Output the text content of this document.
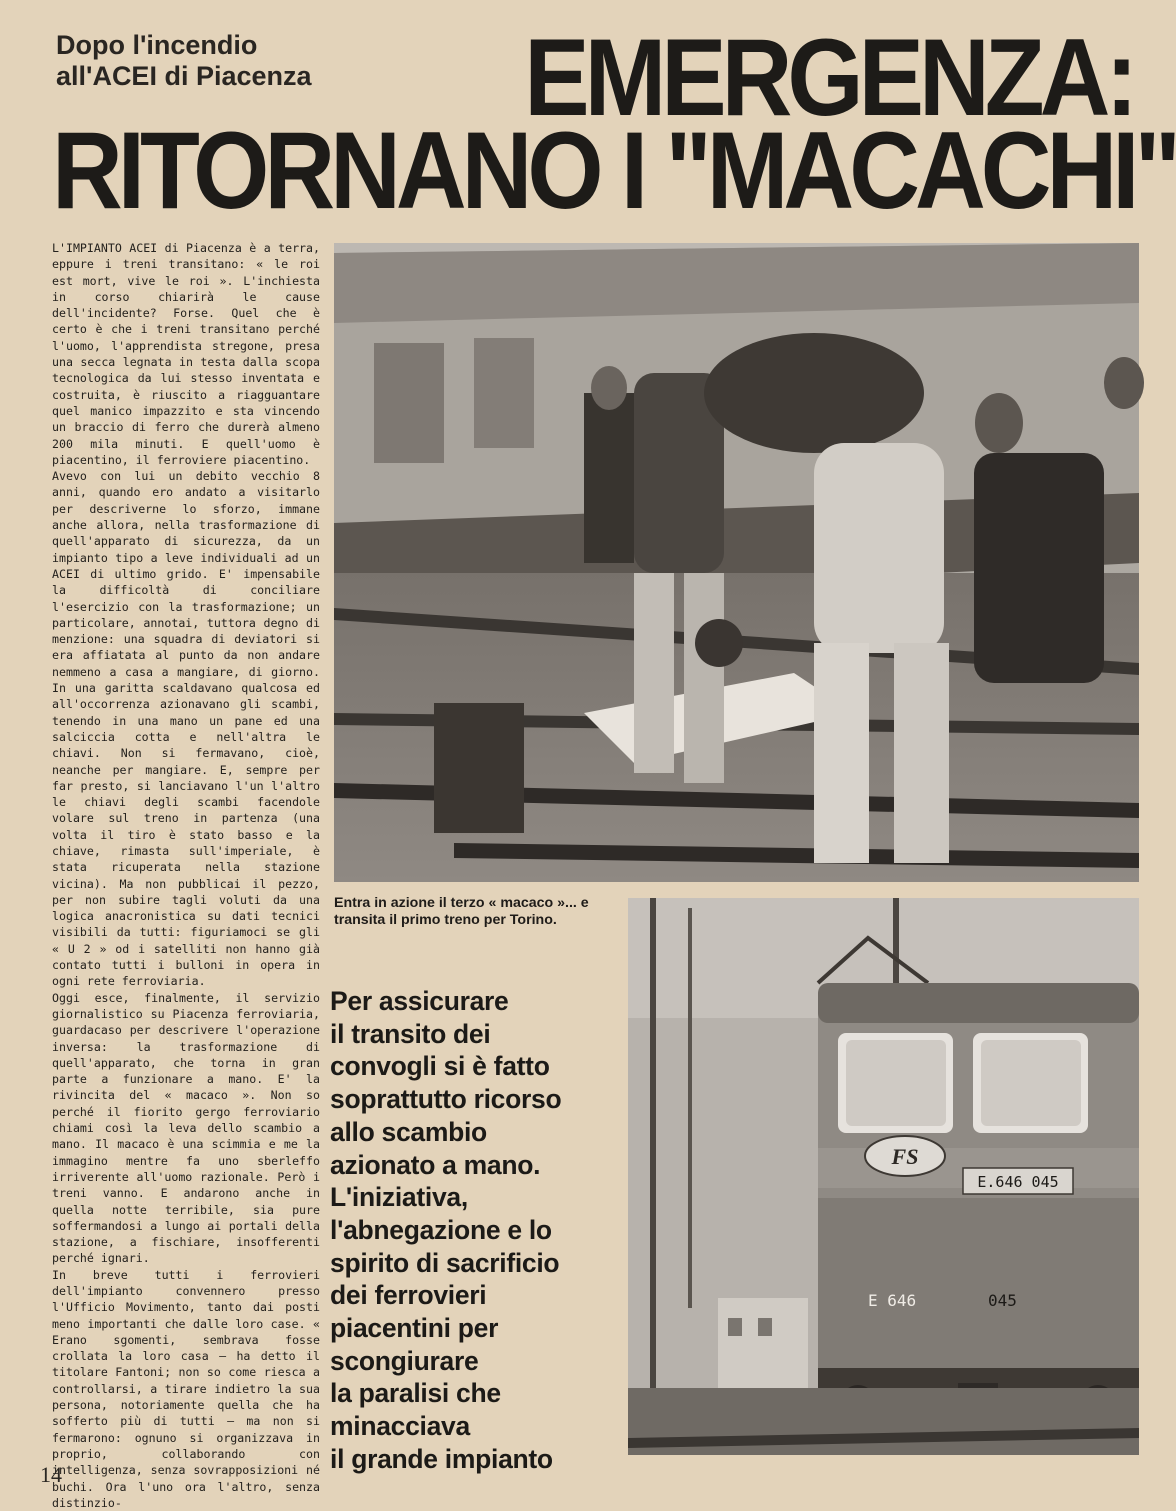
Dopo l'incendio
all'ACEI di Piacenza	EMERGENZA:
RITORNANO I "MACACHI"

L'IMPIANTO ACEI di Piacenza è a terra, eppure i treni transitano: « le roi est mort, vive le roi ». L'inchiesta in corso chiarirà le cause dell'incidente? Forse. Quel che è certo è che i treni transitano perché l'uomo, l'apprendista stregone, presa una secca legnata in testa dalla scopa tecnologica da lui stesso inventata e costruita, è riuscito a riagguantare quel manico impazzito e sta vincendo un braccio di ferro che durerà almeno 200 mila minuti. E quell'uomo è piacentino, il ferroviere piacentino.

Avevo con lui un debito vecchio 8 anni, quando ero andato a visitarlo per descriverne lo sforzo, immane anche allora, nella trasformazione di quell'apparato di sicurezza, da un impianto tipo a leve individuali ad un ACEI di ultimo grido. E' impensabile la difficoltà di conciliare l'esercizio con la trasformazione; un particolare, annotai, tuttora degno di menzione: una squadra di deviatori si era affiatata al punto da non andare nemmeno a casa a mangiare, di giorno. In una garitta scaldavano qualcosa ed all'occorrenza azionavano gli scambi, tenendo in una mano un pane ed una salciccia cotta e nell'altra le chiavi. Non si fermavano, cioè, neanche per mangiare. E, sempre per far presto, si lanciavano l'un l'altro le chiavi degli scambi facendole volare sul treno in partenza (una volta il tiro è stato basso e la chiave, rimasta sull'imperiale, è stata ricuperata nella stazione vicina). Ma non pubblicai il pezzo, per non subire tagli voluti da una logica anacronistica su dati tecnici visibili da tutti: figuriamoci se gli « U 2 » od i satelliti non hanno già contato tutti i bulloni in opera in ogni rete ferroviaria.

Oggi esce, finalmente, il servizio giornalistico su Piacenza ferroviaria, guardacaso per descrivere l'operazione inversa: la trasformazione di quell'apparato, che torna in gran parte a funzionare a mano. E' la rivincita del « macaco ». Non so perché il fiorito gergo ferroviario chiami così la leva dello scambio a mano. Il macaco è una scimmia e me la immagino mentre fa uno sberleffo irriverente all'uomo razionale. Però i treni vanno. E andarono anche in quella notte terribile, sia pure soffermandosi a lungo ai portali della stazione, a fischiare, insofferenti perché ignari.

In breve tutti i ferrovieri dell'impianto convennero presso l'Ufficio Movimento, tanto dai posti meno importanti che dalle loro case. « Erano sgomenti, sembrava fosse crollata la loro casa — ha detto il titolare Fantoni; non so come riesca a controllarsi, a tirare indietro la sua persona, notoriamente quella che ha sofferto più di tutti — ma non si fermarono: ognuno si organizzava in proprio, collaborando con intelligenza, senza sovrapposizioni né buchi. Ora l'uno ora l'altro, senza distinzio-

Entra in azione il terzo « macaco »... e transita il primo treno per Torino.
Per assicurare
il transito dei
convogli si è fatto
soprattutto ricorso
allo scambio
azionato a mano.
L'iniziativa,
l'abnegazione e lo
spirito di sacrificio
dei ferrovieri
piacentini per
scongiurare
la paralisi che
minacciava
il grande impianto
FS
E.646 045
E 646	045
14
